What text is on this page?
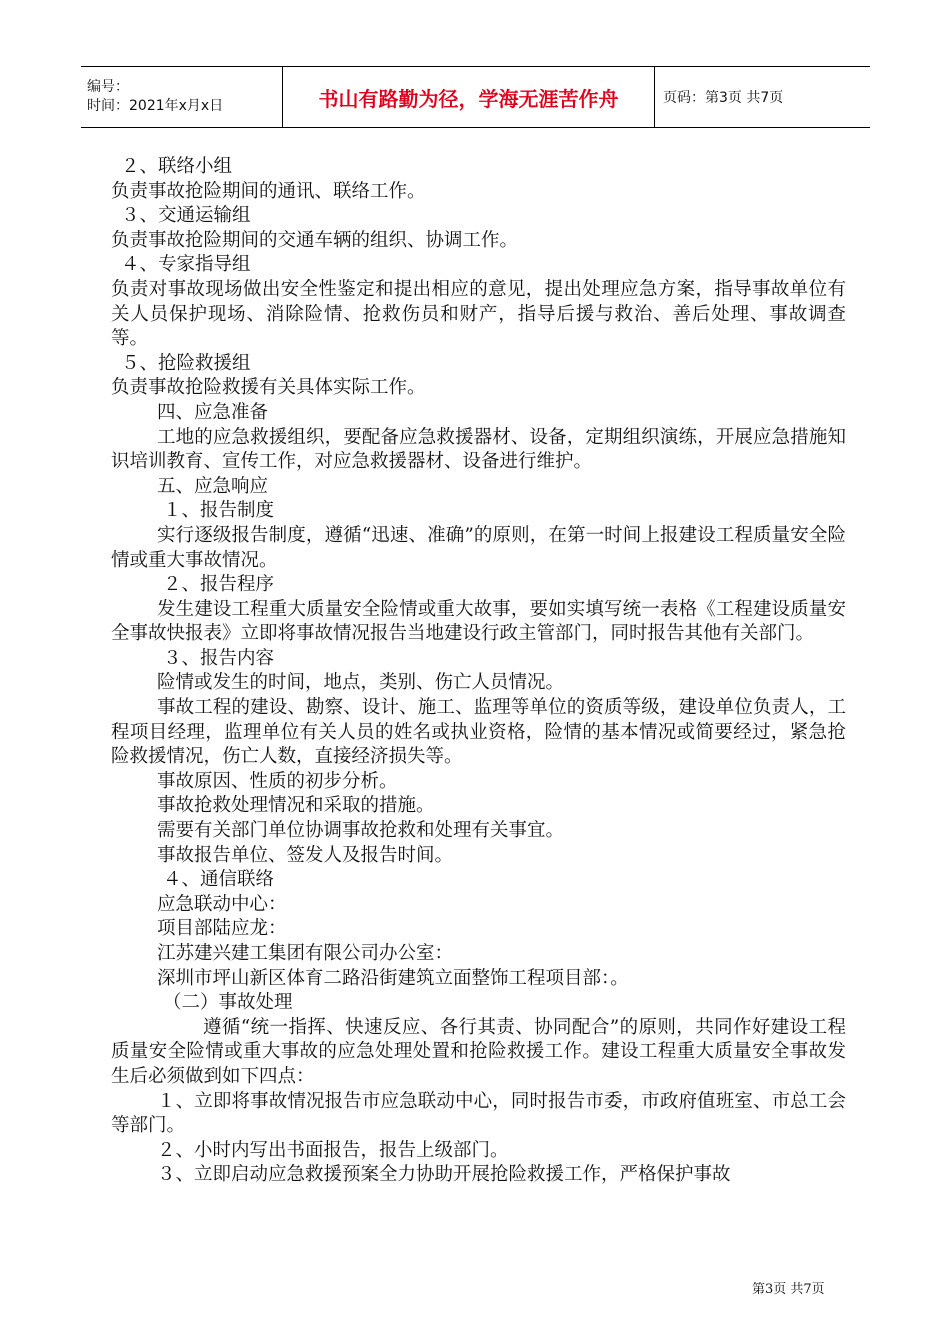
编号：
时间：2021年x月x日	书山有路勤为径，学海无涯苦作舟	页码：第3页 共7页

２、联络小组

负责事故抢险期间的通讯、联络工作。

３、交通运输组

负责事故抢险期间的交通车辆的组织、协调工作。

４、专家指导组

负责对事故现场做出安全性鉴定和提出相应的意见，提出处理应急方案，指导事故单位有关人员保护现场、消除险情、抢救伤员和财产，指导后援与救治、善后处理、事故调查等。

５、抢险救援组

负责事故抢险救援有关具体实际工作。

四、应急准备

工地的应急救援组织，要配备应急救援器材、设备，定期组织演练，开展应急措施知识培训教育、宣传工作，对应急救援器材、设备进行维护。

五、应急响应

１、报告制度

实行逐级报告制度，遵循“迅速、准确”的原则，在第一时间上报建设工程质量安全险情或重大事故情况。

２、报告程序

发生建设工程重大质量安全险情或重大故事，要如实填写统一表格《工程建设质量安全事故快报表》立即将事故情况报告当地建设行政主管部门，同时报告其他有关部门。

３、报告内容

险情或发生的时间，地点，类别、伤亡人员情况。

事故工程的建设、勘察、设计、施工、监理等单位的资质等级，建设单位负责人，工程项目经理，监理单位有关人员的姓名或执业资格，险情的基本情况或简要经过，紧急抢险救援情况，伤亡人数，直接经济损失等。

事故原因、性质的初步分析。

事故抢救处理情况和采取的措施。

需要有关部门单位协调事故抢救和处理有关事宜。

事故报告单位、签发人及报告时间。

４、通信联络

应急联动中心：

项目部陆应龙：

江苏建兴建工集团有限公司办公室：

深圳市坪山新区体育二路沿街建筑立面整饰工程项目部：。

（二）事故处理

遵循“统一指挥、快速反应、各行其责、协同配合”的原则，共同作好建设工程质量安全险情或重大事故的应急处理处置和抢险救援工作。建设工程重大质量安全事故发生后必须做到如下四点：

１、立即将事故情况报告市应急联动中心，同时报告市委，市政府值班室、市总工会等部门。

２、小时内写出书面报告，报告上级部门。

３、立即启动应急救援预案全力协助开展抢险救援工作，严格保护事故

第3页 共7页
